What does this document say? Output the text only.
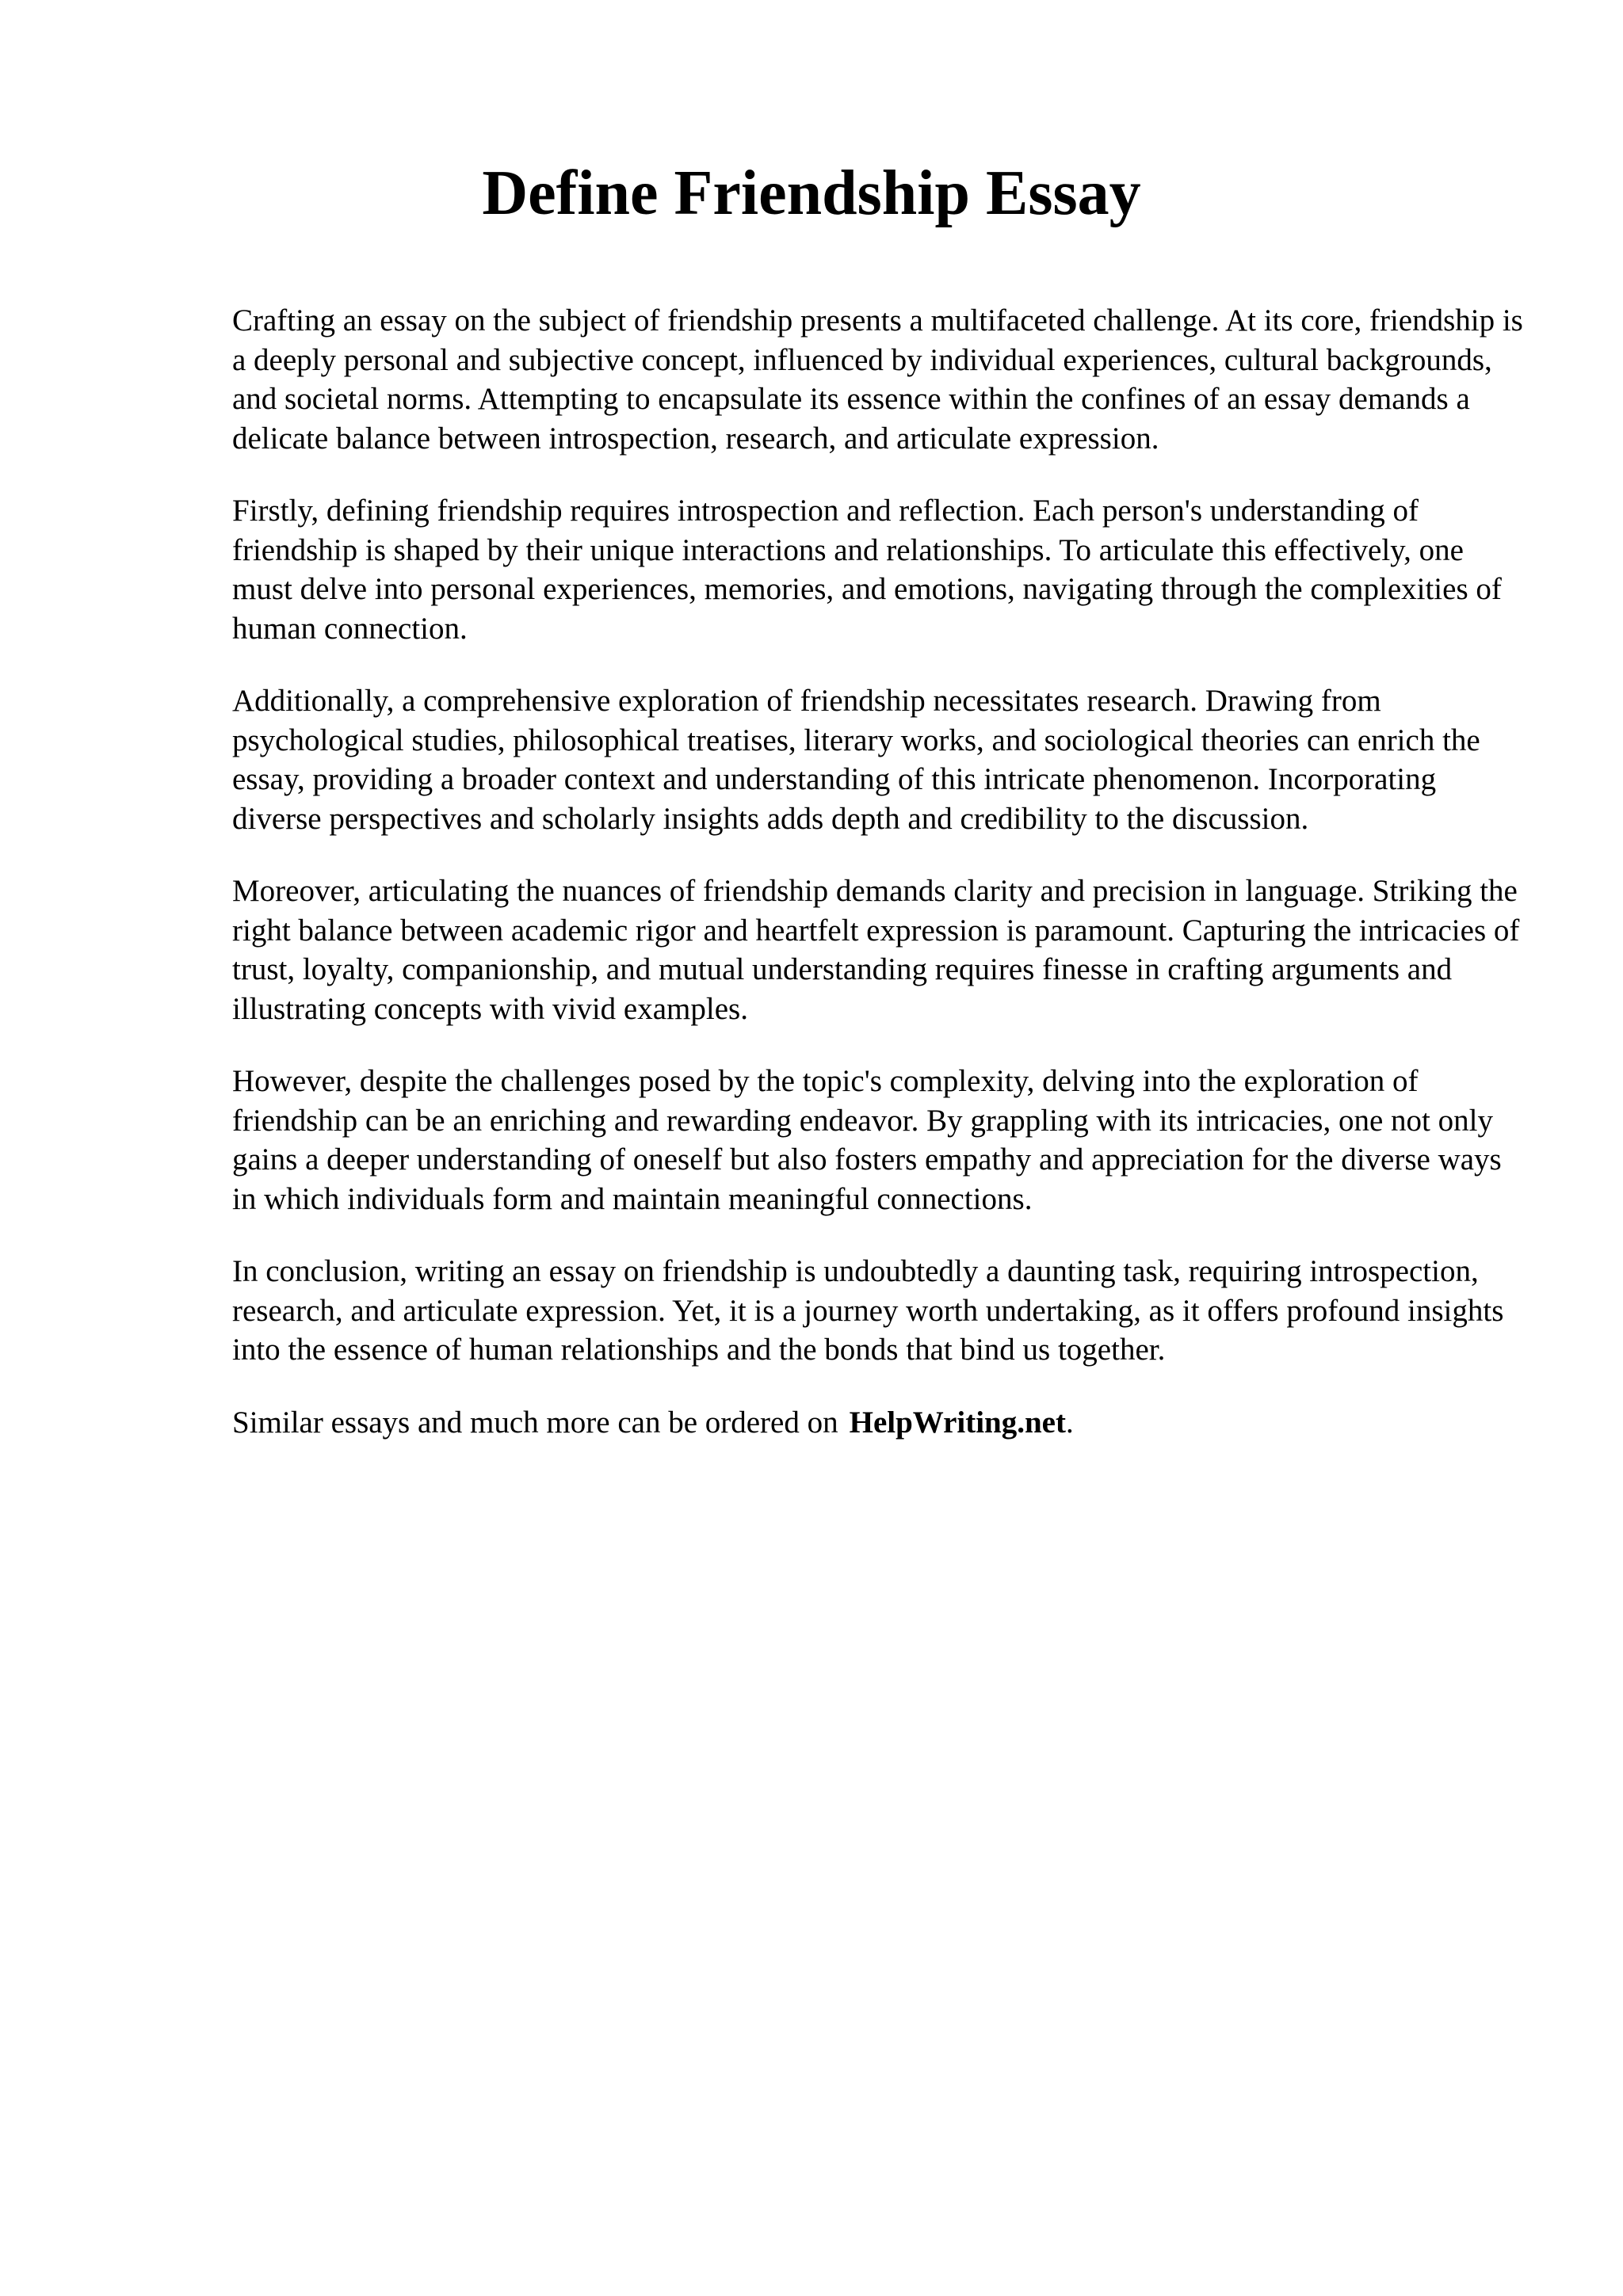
Define Friendship Essay

Crafting an essay on the subject of friendship presents a multifaceted challenge. At its core, friendship is a deeply personal and subjective concept, influenced by individual experiences, cultural backgrounds, and societal norms. Attempting to encapsulate its essence within the confines of an essay demands a delicate balance between introspection, research, and articulate expression.

Firstly, defining friendship requires introspection and reflection. Each person's understanding of friendship is shaped by their unique interactions and relationships. To articulate this effectively, one must delve into personal experiences, memories, and emotions, navigating through the complexities of human connection.

Additionally, a comprehensive exploration of friendship necessitates research. Drawing from psychological studies, philosophical treatises, literary works, and sociological theories can enrich the essay, providing a broader context and understanding of this intricate phenomenon. Incorporating diverse perspectives and scholarly insights adds depth and credibility to the discussion.

Moreover, articulating the nuances of friendship demands clarity and precision in language. Striking the right balance between academic rigor and heartfelt expression is paramount. Capturing the intricacies of trust, loyalty, companionship, and mutual understanding requires finesse in crafting arguments and illustrating concepts with vivid examples.

However, despite the challenges posed by the topic's complexity, delving into the exploration of friendship can be an enriching and rewarding endeavor. By grappling with its intricacies, one not only gains a deeper understanding of oneself but also fosters empathy and appreciation for the diverse ways in which individuals form and maintain meaningful connections.

In conclusion, writing an essay on friendship is undoubtedly a daunting task, requiring introspection, research, and articulate expression. Yet, it is a journey worth undertaking, as it offers profound insights into the essence of human relationships and the bonds that bind us together.

Similar essays and much more can be ordered on HelpWriting.net.
